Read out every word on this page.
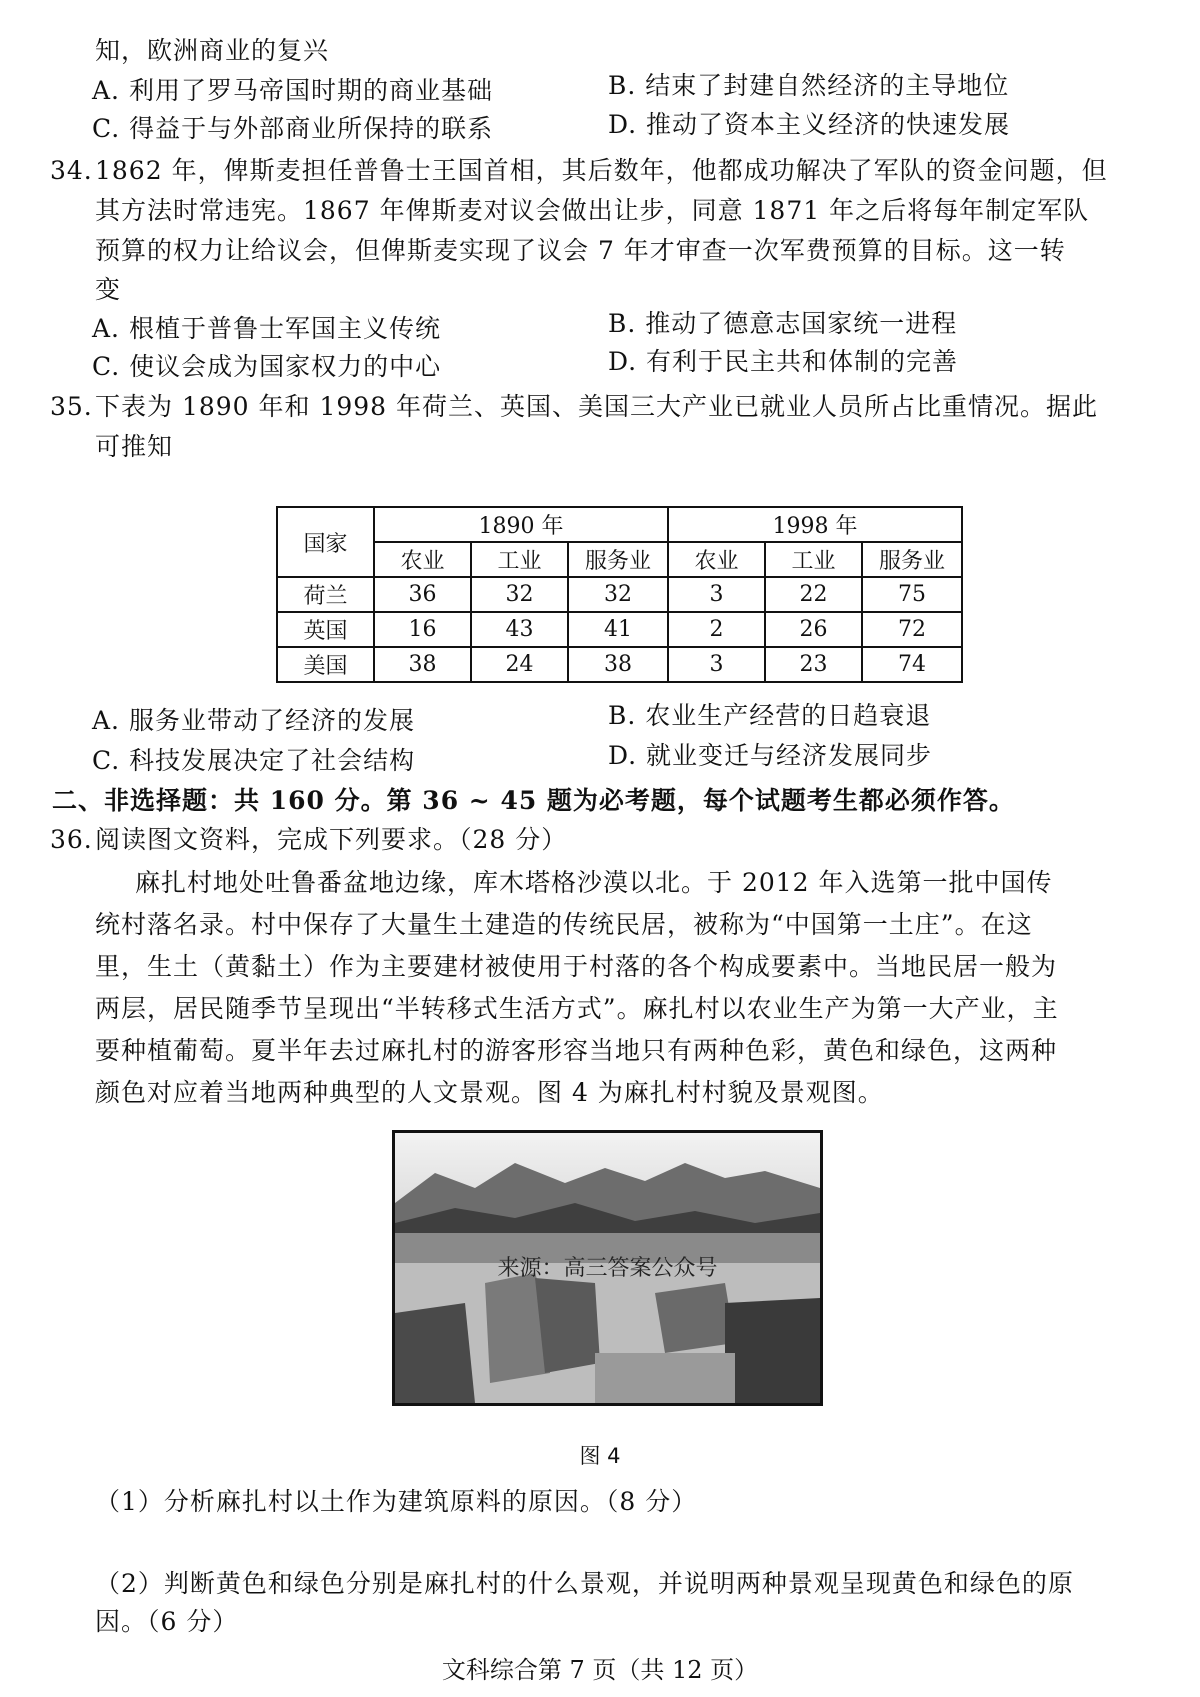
知，欧洲商业的复兴
A. 利用了罗马帝国时期的商业基础	B. 结束了封建自然经济的主导地位
C. 得益于与外部商业所保持的联系	D. 推动了资本主义经济的快速发展
34. 1862 年，俾斯麦担任普鲁士王国首相，其后数年，他都成功解决了军队的资金问题，但
其方法时常违宪。1867 年俾斯麦对议会做出让步，同意 1871 年之后将每年制定军队
预算的权力让给议会，但俾斯麦实现了议会 7 年才审查一次军费预算的目标。这一转
变
A. 根植于普鲁士军国主义传统	B. 推动了德意志国家统一进程
C. 使议会成为国家权力的中心	D. 有利于民主共和体制的完善
35. 下表为 1890 年和 1998 年荷兰、英国、美国三大产业已就业人员所占比重情况。据此
可推知
国家	1890 年			1998 年		
	农业	工业	服务业	农业	工业	服务业
荷兰	36	32	32	3	22	75
英国	16	43	41	2	26	72
美国	38	24	38	3	23	74
A. 服务业带动了经济的发展	B. 农业生产经营的日趋衰退
C. 科技发展决定了社会结构	D. 就业变迁与经济发展同步
二、非选择题：共 160 分。第 36 ~ 45 题为必考题，每个试题考生都必须作答。
36. 阅读图文资料，完成下列要求。（28 分）
麻扎村地处吐鲁番盆地边缘，库木塔格沙漠以北。于 2012 年入选第一批中国传
统村落名录。村中保存了大量生土建造的传统民居，被称为“中国第一土庄”。在这
里，生土（黄黏土）作为主要建材被使用于村落的各个构成要素中。当地民居一般为
两层，居民随季节呈现出“半转移式生活方式”。麻扎村以农业生产为第一大产业，主
要种植葡萄。夏半年去过麻扎村的游客形容当地只有两种色彩，黄色和绿色，这两种
颜色对应着当地两种典型的人文景观。图 4 为麻扎村村貌及景观图。
来源：高三答案公众号
图 4
（1）分析麻扎村以土作为建筑原料的原因。（8 分）
（2）判断黄色和绿色分别是麻扎村的什么景观，并说明两种景观呈现黄色和绿色的原
因。（6 分）
文科综合第 7 页（共 12 页）
